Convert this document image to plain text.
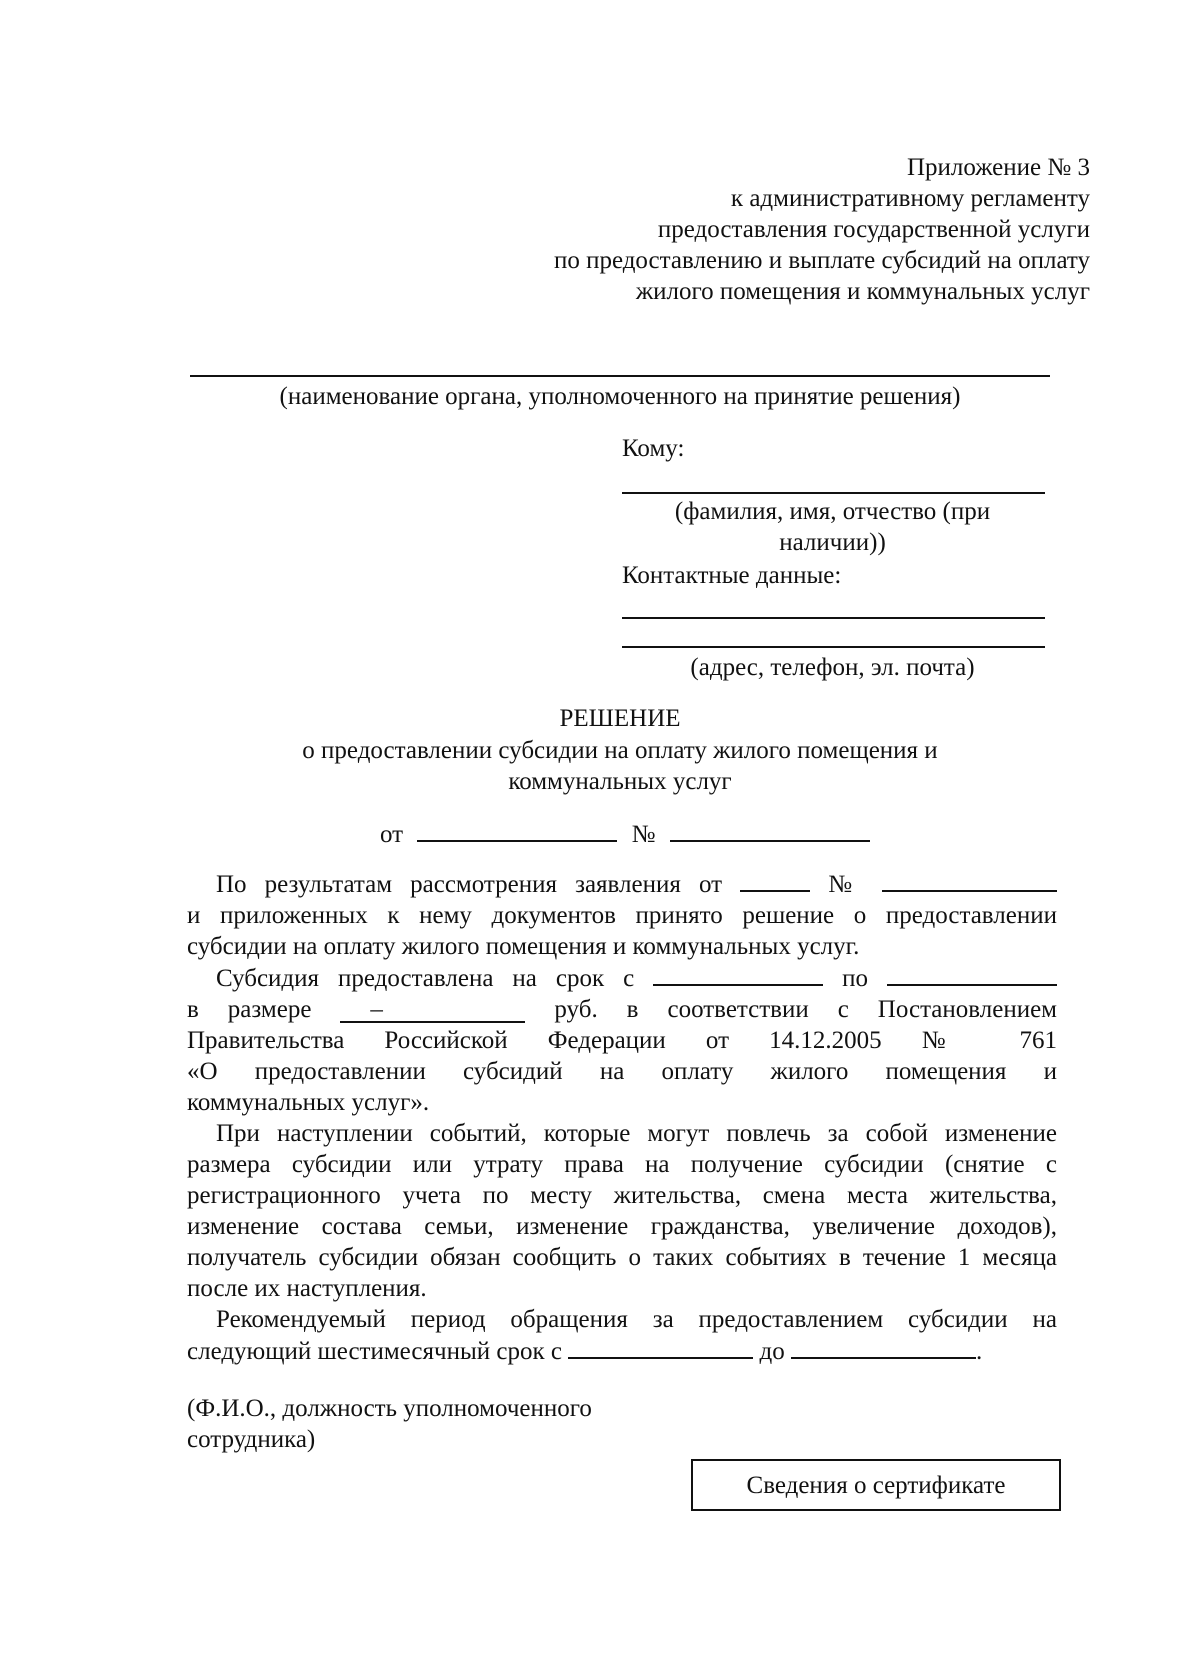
Приложение № 3
к административному регламенту
предоставления государственной услуги
по предоставлению и выплате субсидий на оплату
жилого помещения и коммунальных услуг
(наименование органа, уполномоченного на принятие решения)
Кому:
(фамилия, имя, отчество (при
наличии))
Контактные данные:
(адрес, телефон, эл. почта)
РЕШЕНИЕ
о предоставлении субсидии на оплату жилого помещения и
коммунальных услуг
от	№

По результатам рассмотрения заявления от	№

и приложенных к нему документов принято решение о предоставлении

субсидии на оплату жилого помещения и коммунальных услуг.

Субсидия предоставлена на срок с	по

в размере –	руб. в соответствии с Постановлением

Правительства Российской Федерации от 14.12.2005 № 761

«О предоставлении субсидий на оплату жилого помещения и

коммунальных услуг».

При наступлении событий, которые могут повлечь за собой изменение размера субсидии или утрату права на получение субсидии (снятие с регистрационного учета по месту жительства, смена места жительства, изменение состава семьи, изменение гражданства, увеличение доходов), получатель субсидии обязан сообщить о таких событиях в течение 1 месяца после их наступления.

Рекомендуемый период обращения за предоставлением субсидии на

следующий шестимесячный срок с	до	.

(Ф.И.О., должность уполномоченного
сотрудника)
Сведения о сертификате
